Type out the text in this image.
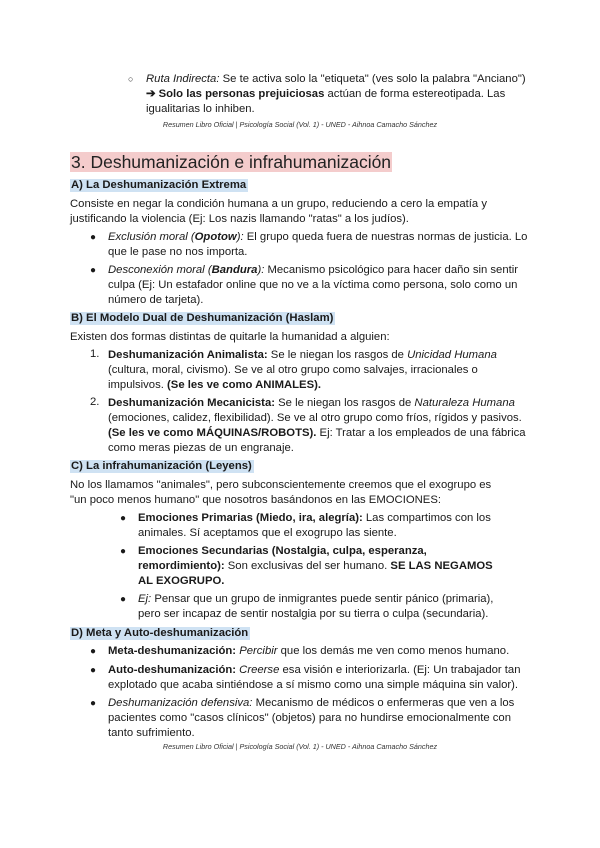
○ Ruta Indirecta: Se te activa solo la "etiqueta" (ves solo la palabra "Anciano")
➔ Solo las personas prejuiciosas actúan de forma estereotipada. Las
igualitarias lo inhiben.
Resumen Libro Oficial | Psicología Social (Vol. 1) - UNED - Aihnoa Camacho Sánchez
3. Deshumanización e infrahumanización
A) La Deshumanización Extrema
Consiste en negar la condición humana a un grupo, reduciendo a cero la empatía y
justificando la violencia (Ej: Los nazis llamando "ratas" a los judíos).
● Exclusión moral (Opotow): El grupo queda fuera de nuestras normas de justicia. Lo
que le pase no nos importa.
● Desconexión moral (Bandura): Mecanismo psicológico para hacer daño sin sentir
culpa (Ej: Un estafador online que no ve a la víctima como persona, solo como un
número de tarjeta).
B) El Modelo Dual de Deshumanización (Haslam)
Existen dos formas distintas de quitarle la humanidad a alguien:
1. Deshumanización Animalista: Se le niegan los rasgos de Unicidad Humana
(cultura, moral, civismo). Se ve al otro grupo como salvajes, irracionales o
impulsivos. (Se les ve como ANIMALES).
2. Deshumanización Mecanicista: Se le niegan los rasgos de Naturaleza Humana
(emociones, calidez, flexibilidad). Se ve al otro grupo como fríos, rígidos y pasivos.
(Se les ve como MÁQUINAS/ROBOTS). Ej: Tratar a los empleados de una fábrica
como meras piezas de un engranaje.
C) La infrahumanización (Leyens)
No los llamamos "animales", pero subconscientemente creemos que el exogrupo es
"un poco menos humano" que nosotros basándonos en las EMOCIONES:
● Emociones Primarias (Miedo, ira, alegría): Las compartimos con los
animales. Sí aceptamos que el exogrupo las siente.
● Emociones Secundarias (Nostalgia, culpa, esperanza,
remordimiento): Son exclusivas del ser humano. SE LAS NEGAMOS
AL EXOGRUPO.
● Ej: Pensar que un grupo de inmigrantes puede sentir pánico (primaria),
pero ser incapaz de sentir nostalgia por su tierra o culpa (secundaria).
D) Meta y Auto-deshumanización
● Meta-deshumanización: Percibir que los demás me ven como menos humano.
● Auto-deshumanización: Creerse esa visión e interiorizarla. (Ej: Un trabajador tan
explotado que acaba sintiéndose a sí mismo como una simple máquina sin valor).
● Deshumanización defensiva: Mecanismo de médicos o enfermeras que ven a los
pacientes como "casos clínicos" (objetos) para no hundirse emocionalmente con
tanto sufrimiento.
Resumen Libro Oficial | Psicología Social (Vol. 1) - UNED - Aihnoa Camacho Sánchez
